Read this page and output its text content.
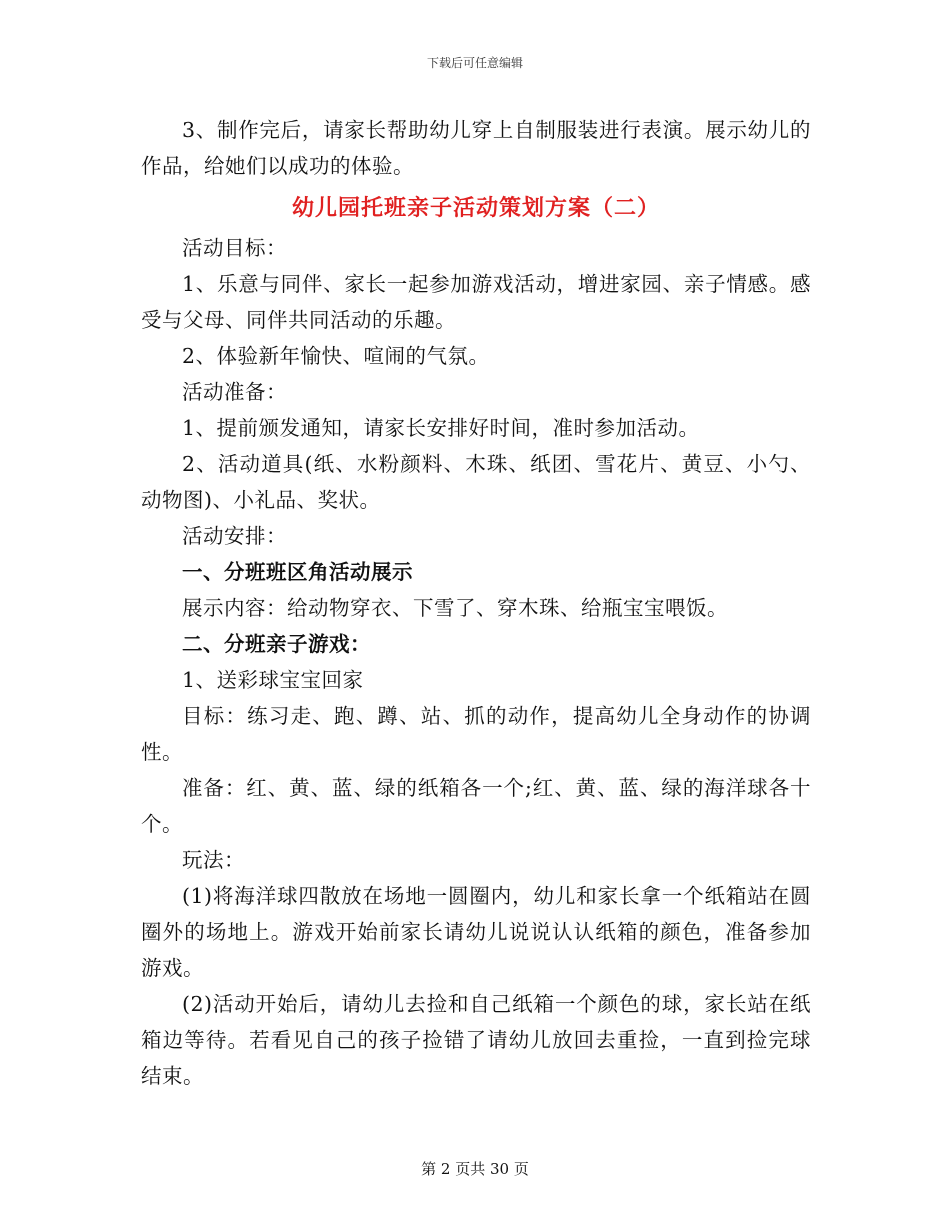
下载后可任意编辑

3、制作完后，请家长帮助幼儿穿上自制服装进行表演。展示幼儿的作品，给她们以成功的体验。

幼儿园托班亲子活动策划方案（二）

活动目标：

1、乐意与同伴、家长一起参加游戏活动，增进家园、亲子情感。感受与父母、同伴共同活动的乐趣。

2、体验新年愉快、喧闹的气氛。

活动准备：

1、提前颁发通知，请家长安排好时间，准时参加活动。

2、活动道具(纸、水粉颜料、木珠、纸团、雪花片、黄豆、小勺、动物图)、小礼品、奖状。

活动安排：

一、分班班区角活动展示

展示内容：给动物穿衣、下雪了、穿木珠、给瓶宝宝喂饭。

二、分班亲子游戏：

1、送彩球宝宝回家

目标：练习走、跑、蹲、站、抓的动作，提高幼儿全身动作的协调性。

准备：红、黄、蓝、绿的纸箱各一个;红、黄、蓝、绿的海洋球各十个。

玩法：

(1)将海洋球四散放在场地一圆圈内，幼儿和家长拿一个纸箱站在圆圈外的场地上。游戏开始前家长请幼儿说说认认纸箱的颜色，准备参加游戏。

(2)活动开始后，请幼儿去捡和自己纸箱一个颜色的球，家长站在纸箱边等待。若看见自己的孩子捡错了请幼儿放回去重捡，一直到捡完球结束。

第 2 页共 30 页
